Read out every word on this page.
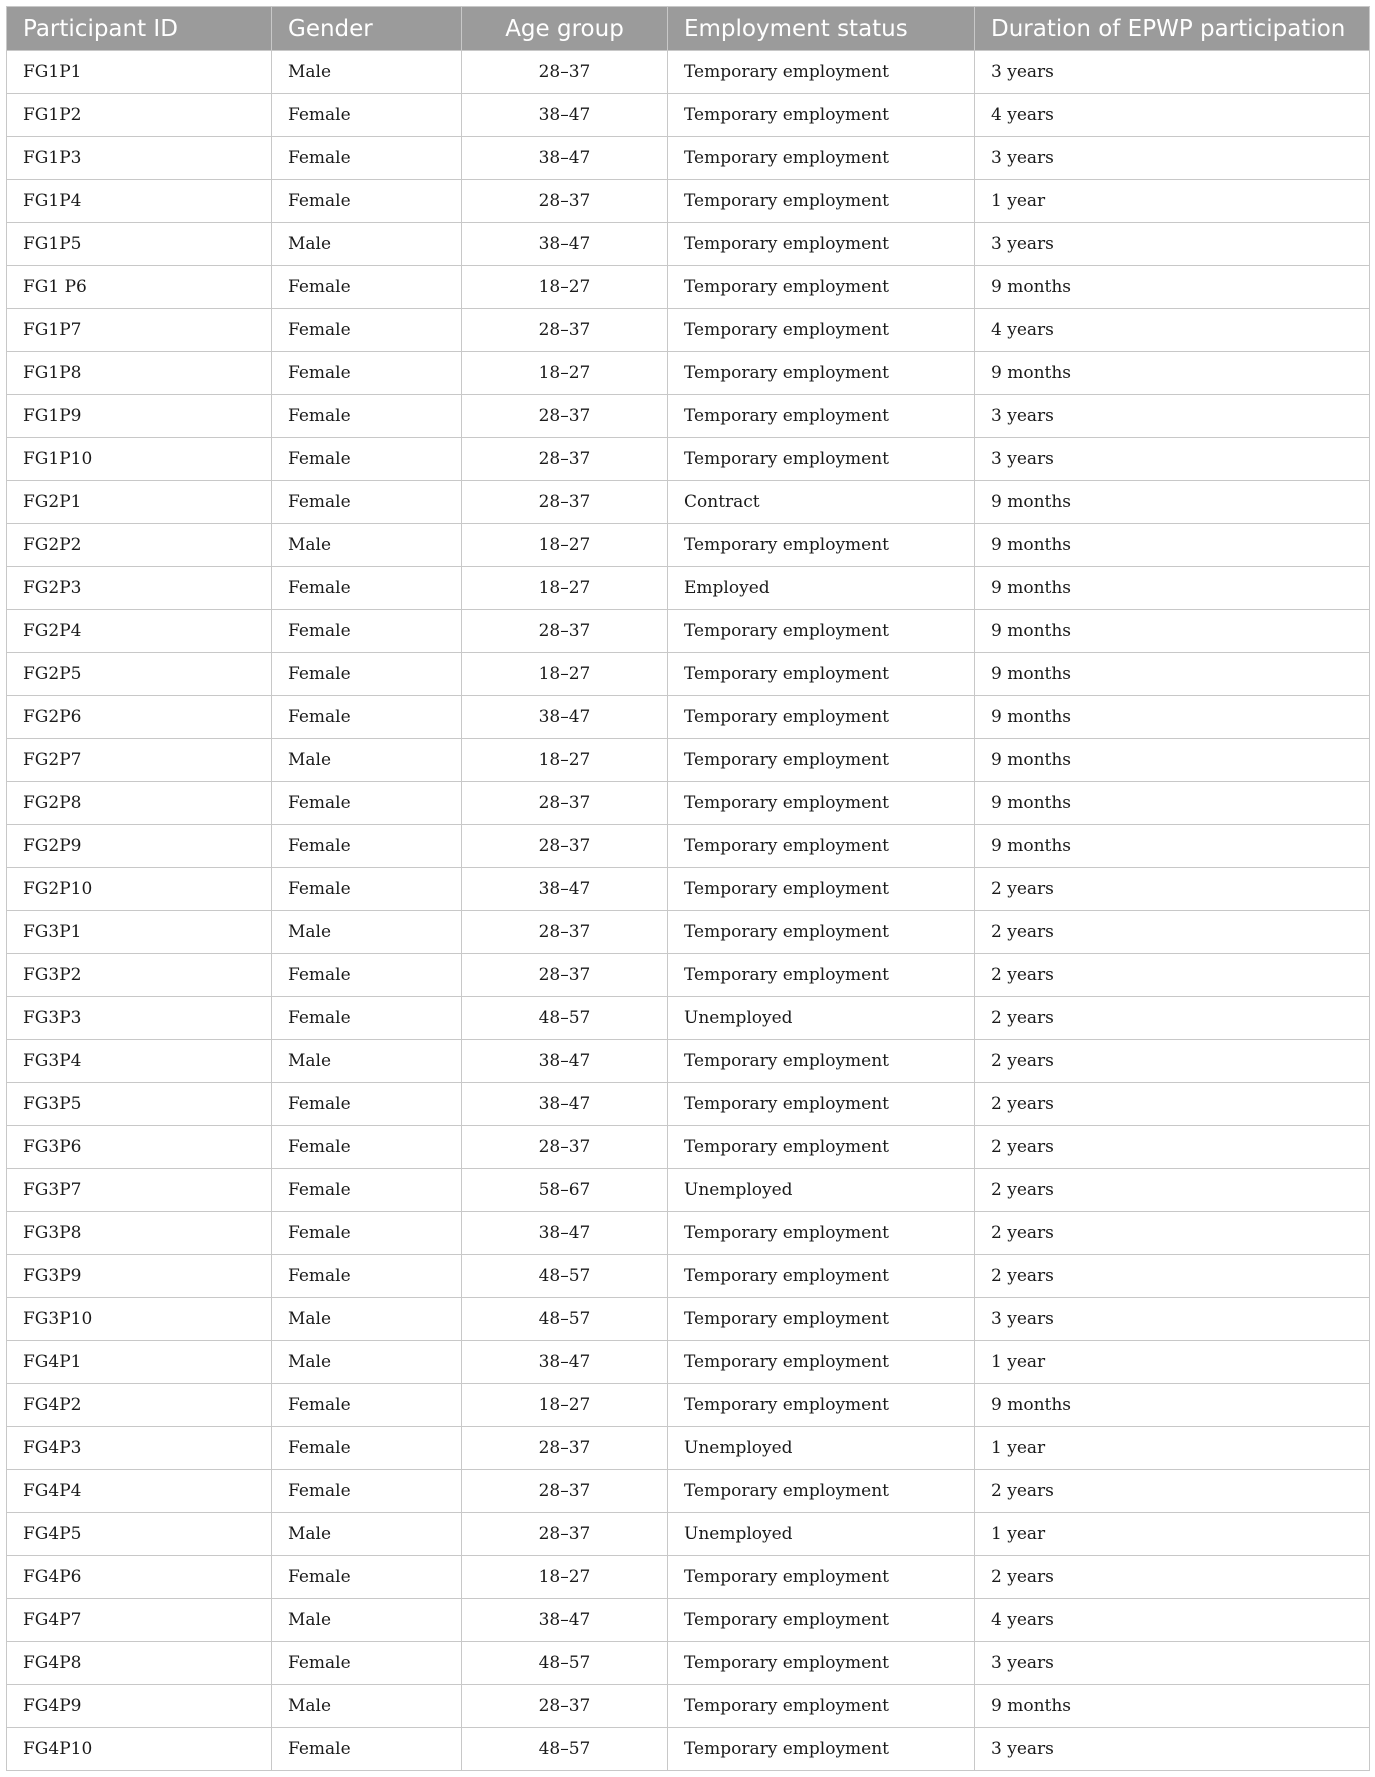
Participant ID	Gender	Age group	Employment status	Duration of EPWP participation
FG1P1	Male	28–37	Temporary employment	3 years
FG1P2	Female	38–47	Temporary employment	4 years
FG1P3	Female	38–47	Temporary employment	3 years
FG1P4	Female	28–37	Temporary employment	1 year
FG1P5	Male	38–47	Temporary employment	3 years
FG1 P6	Female	18–27	Temporary employment	9 months
FG1P7	Female	28–37	Temporary employment	4 years
FG1P8	Female	18–27	Temporary employment	9 months
FG1P9	Female	28–37	Temporary employment	3 years
FG1P10	Female	28–37	Temporary employment	3 years
FG2P1	Female	28–37	Contract	9 months
FG2P2	Male	18–27	Temporary employment	9 months
FG2P3	Female	18–27	Employed	9 months
FG2P4	Female	28–37	Temporary employment	9 months
FG2P5	Female	18–27	Temporary employment	9 months
FG2P6	Female	38–47	Temporary employment	9 months
FG2P7	Male	18–27	Temporary employment	9 months
FG2P8	Female	28–37	Temporary employment	9 months
FG2P9	Female	28–37	Temporary employment	9 months
FG2P10	Female	38–47	Temporary employment	2 years
FG3P1	Male	28–37	Temporary employment	2 years
FG3P2	Female	28–37	Temporary employment	2 years
FG3P3	Female	48–57	Unemployed	2 years
FG3P4	Male	38–47	Temporary employment	2 years
FG3P5	Female	38–47	Temporary employment	2 years
FG3P6	Female	28–37	Temporary employment	2 years
FG3P7	Female	58–67	Unemployed	2 years
FG3P8	Female	38–47	Temporary employment	2 years
FG3P9	Female	48–57	Temporary employment	2 years
FG3P10	Male	48–57	Temporary employment	3 years
FG4P1	Male	38–47	Temporary employment	1 year
FG4P2	Female	18–27	Temporary employment	9 months
FG4P3	Female	28–37	Unemployed	1 year
FG4P4	Female	28–37	Temporary employment	2 years
FG4P5	Male	28–37	Unemployed	1 year
FG4P6	Female	18–27	Temporary employment	2 years
FG4P7	Male	38–47	Temporary employment	4 years
FG4P8	Female	48–57	Temporary employment	3 years
FG4P9	Male	28–37	Temporary employment	9 months
FG4P10	Female	48–57	Temporary employment	3 years
